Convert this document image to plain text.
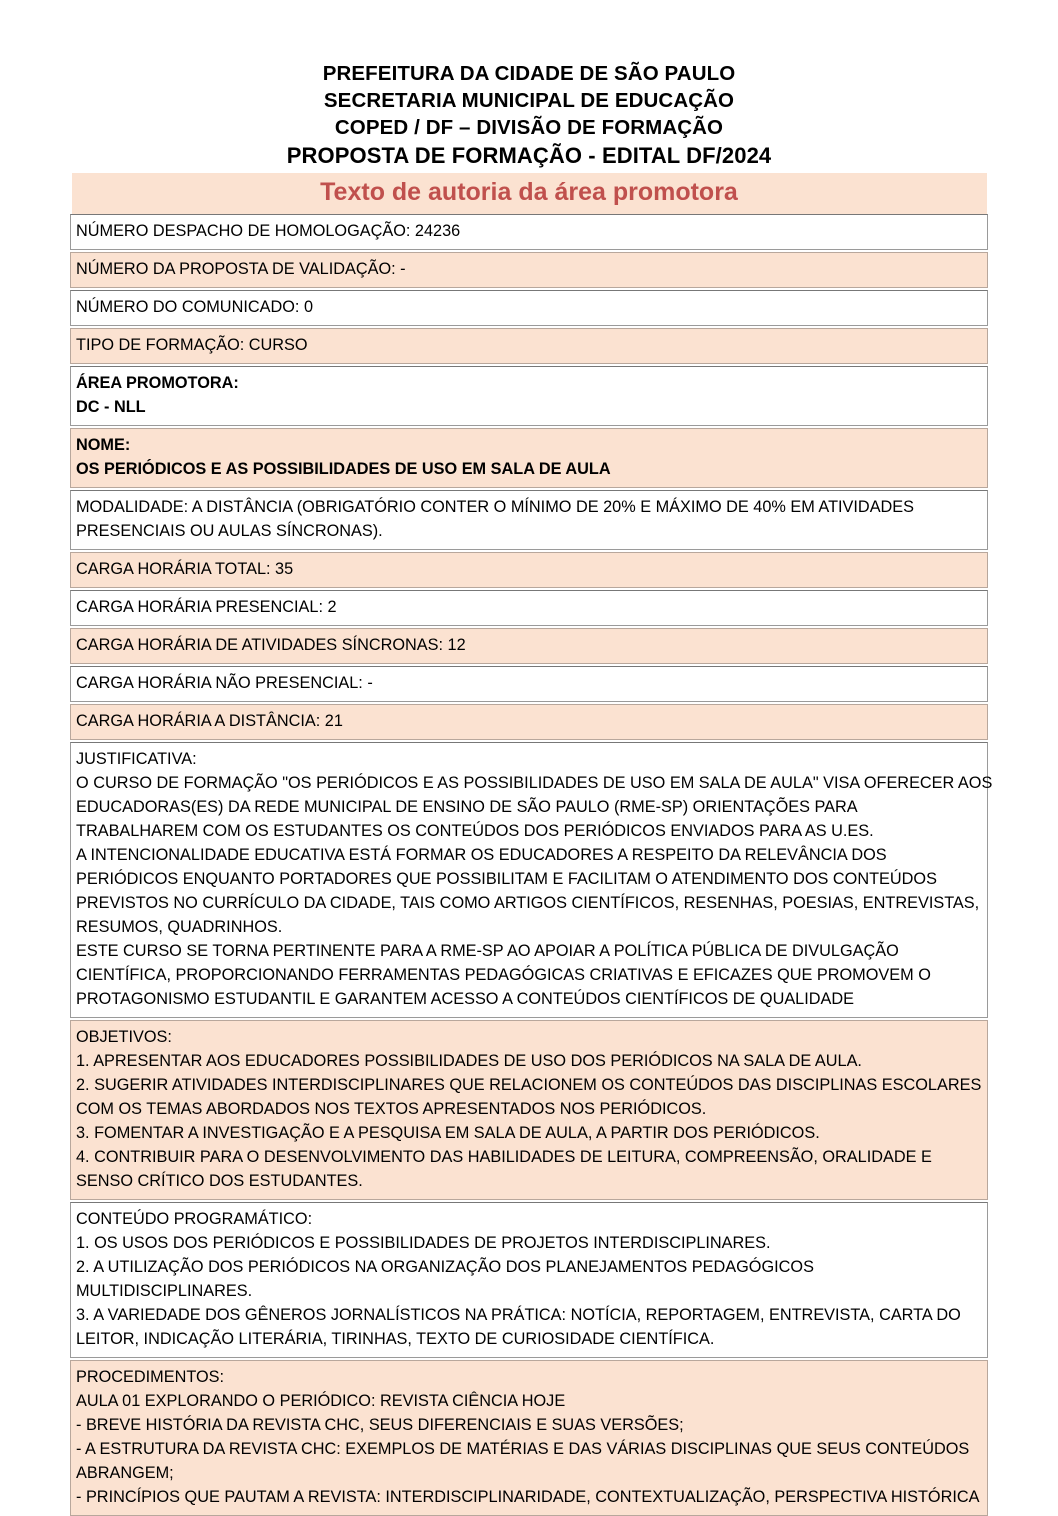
PREFEITURA DA CIDADE DE SÃO PAULO
SECRETARIA MUNICIPAL DE EDUCAÇÃO
COPED / DF – DIVISÃO DE FORMAÇÃO
PROPOSTA DE FORMAÇÃO - EDITAL DF/2024
Texto de autoria da área promotora

NÚMERO DESPACHO DE HOMOLOGAÇÃO: 24236

NÚMERO DA PROPOSTA DE VALIDAÇÃO: -

NÚMERO DO COMUNICADO: 0

TIPO DE FORMAÇÃO: CURSO

ÁREA PROMOTORA:

DC - NLL

NOME:

OS PERIÓDICOS E AS POSSIBILIDADES DE USO EM SALA DE AULA

MODALIDADE: A DISTÂNCIA (OBRIGATÓRIO CONTER O MÍNIMO DE 20% E MÁXIMO DE 40% EM ATIVIDADES

PRESENCIAIS OU AULAS SÍNCRONAS).

CARGA HORÁRIA TOTAL: 35

CARGA HORÁRIA PRESENCIAL: 2

CARGA HORÁRIA DE ATIVIDADES SÍNCRONAS: 12

CARGA HORÁRIA NÃO PRESENCIAL: -

CARGA HORÁRIA A DISTÂNCIA: 21

JUSTIFICATIVA:

O CURSO DE FORMAÇÃO "OS PERIÓDICOS E AS POSSIBILIDADES DE USO EM SALA DE AULA" VISA OFERECER AOS

EDUCADORAS(ES) DA REDE MUNICIPAL DE ENSINO DE SÃO PAULO (RME-SP) ORIENTAÇÕES PARA

TRABALHAREM COM OS ESTUDANTES OS CONTEÚDOS DOS PERIÓDICOS ENVIADOS PARA AS U.ES.

A INTENCIONALIDADE EDUCATIVA ESTÁ FORMAR OS EDUCADORES A RESPEITO DA RELEVÂNCIA DOS

PERIÓDICOS ENQUANTO PORTADORES QUE POSSIBILITAM E FACILITAM O ATENDIMENTO DOS CONTEÚDOS

PREVISTOS NO CURRÍCULO DA CIDADE, TAIS COMO ARTIGOS CIENTÍFICOS, RESENHAS, POESIAS, ENTREVISTAS,

RESUMOS, QUADRINHOS.

ESTE CURSO SE TORNA PERTINENTE PARA A RME-SP AO APOIAR A POLÍTICA PÚBLICA DE DIVULGAÇÃO

CIENTÍFICA, PROPORCIONANDO FERRAMENTAS PEDAGÓGICAS CRIATIVAS E EFICAZES QUE PROMOVEM O

PROTAGONISMO ESTUDANTIL E GARANTEM ACESSO A CONTEÚDOS CIENTÍFICOS DE QUALIDADE

OBJETIVOS:

1. APRESENTAR AOS EDUCADORES POSSIBILIDADES DE USO DOS PERIÓDICOS NA SALA DE AULA.

2. SUGERIR ATIVIDADES INTERDISCIPLINARES QUE RELACIONEM OS CONTEÚDOS DAS DISCIPLINAS ESCOLARES

COM OS TEMAS ABORDADOS NOS TEXTOS APRESENTADOS NOS PERIÓDICOS.

3. FOMENTAR A INVESTIGAÇÃO E A PESQUISA EM SALA DE AULA, A PARTIR DOS PERIÓDICOS.

4. CONTRIBUIR PARA O DESENVOLVIMENTO DAS HABILIDADES DE LEITURA, COMPREENSÃO, ORALIDADE E

SENSO CRÍTICO DOS ESTUDANTES.

CONTEÚDO PROGRAMÁTICO:

1. OS USOS DOS PERIÓDICOS E POSSIBILIDADES DE PROJETOS INTERDISCIPLINARES.

2. A UTILIZAÇÃO DOS PERIÓDICOS NA ORGANIZAÇÃO DOS PLANEJAMENTOS PEDAGÓGICOS

MULTIDISCIPLINARES.

3. A VARIEDADE DOS GÊNEROS JORNALÍSTICOS NA PRÁTICA: NOTÍCIA, REPORTAGEM, ENTREVISTA, CARTA DO

LEITOR, INDICAÇÃO LITERÁRIA, TIRINHAS, TEXTO DE CURIOSIDADE CIENTÍFICA.

PROCEDIMENTOS:

AULA 01 EXPLORANDO O PERIÓDICO: REVISTA CIÊNCIA HOJE

- BREVE HISTÓRIA DA REVISTA CHC, SEUS DIFERENCIAIS E SUAS VERSÕES;

- A ESTRUTURA DA REVISTA CHC: EXEMPLOS DE MATÉRIAS E DAS VÁRIAS DISCIPLINAS QUE SEUS CONTEÚDOS

ABRANGEM;

- PRINCÍPIOS QUE PAUTAM A REVISTA: INTERDISCIPLINARIDADE, CONTEXTUALIZAÇÃO, PERSPECTIVA HISTÓRICA
